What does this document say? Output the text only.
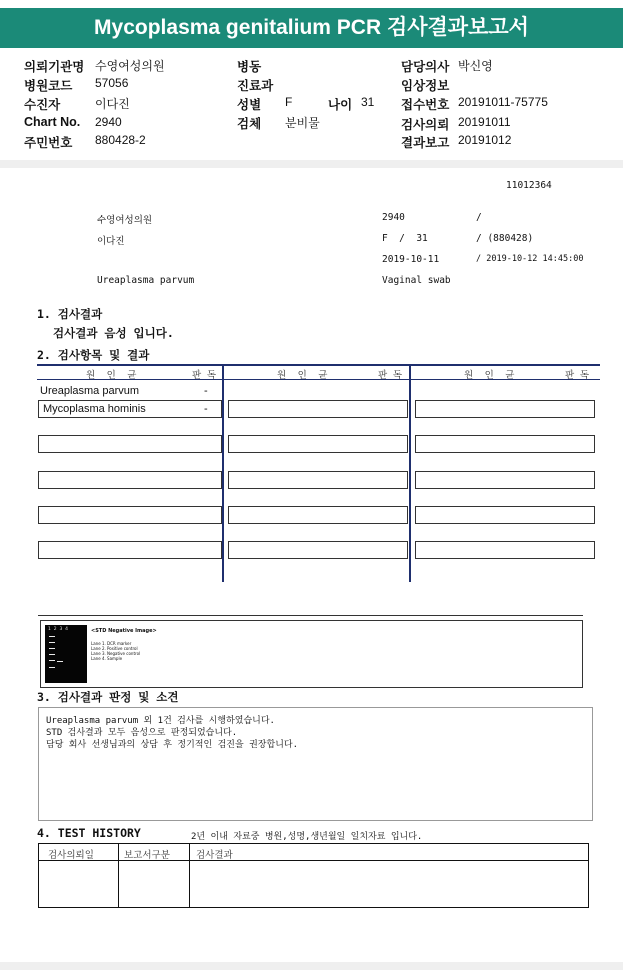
Mycoplasma genitalium PCR 검사결과보고서
의뢰기관명 수영여성의원
병원코드 57056
수진자	이다진
Chart No. 2940
주민번호 880428-2
병동
진료과
성별 F	나이 31
검체 분비물
담당의사 박신영
임상정보
접수번호 20191011-75775
검사의뢰 20191011
결과보고 20191012
11012364
수영여성의원	2940	/
이다진	F  /  31	/ (880428)
2019-10-11	/ 2019-10-12 14:45:00
Ureaplasma parvum	Vaginal swab
1. 검사결과
검사결과 음성 입니다.
2. 검사항목 및 결과
원  인  균	판 독	원  인  균	판 독	원  인  균	판 독
Ureaplasma parvum	-
Mycoplasma hominis	-
1  2  3  4	<STD Negative Image>
Lane 1. DCR marker
Lane 2. Positive control
Lane 3. Negative control
Lane 4. Sample
3. 검사결과 판정 및 소견
Ureaplasma parvum 외 1건 검사를 시행하였습니다.
STD 검사결과 모두 음성으로 판정되었습니다.
담당 회사 선생님과의 상담 후 정기적인 검진을 권장합니다.
4. TEST HISTORY	2년 이내 자료중 병원,성명,생년월일 일치자료 입니다.
검사의뢰일	보고서구분	검사결과
